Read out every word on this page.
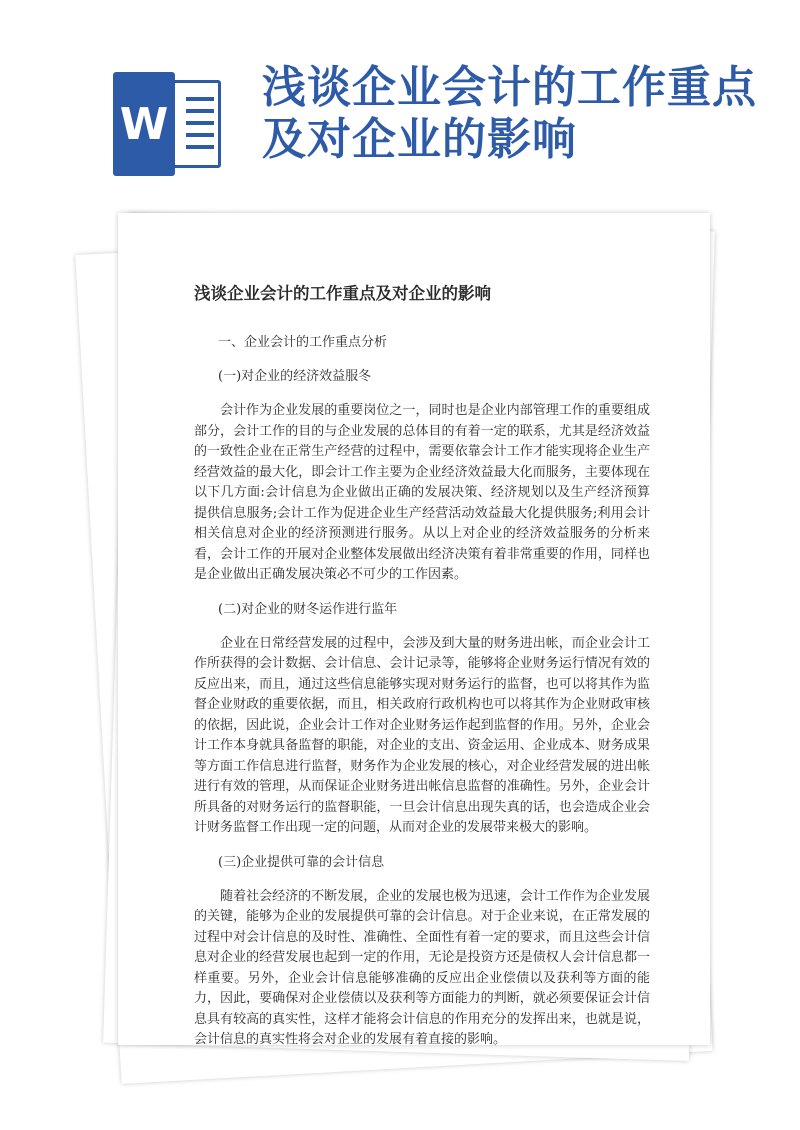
W
浅谈企业会计的工作重点及对企业的影响
浅谈企业会计的工作重点及对企业的影响
一、企业会计的工作重点分析
(一)对企业的经济效益服冬

会计作为企业发展的重要岗位之一，同时也是企业内部管理工作的重要组成部分，会计工作的目的与企业发展的总体目的有着一定的联系，尤其是经济效益的一致性企业在正常生产经营的过程中，需要依靠会计工作才能实现将企业生产经营效益的最大化，即会计工作主要为企业经济效益最大化而服务，主要体现在以下几方面:会计信息为企业做出正确的发展决策、经济规划以及生产经济预算提供信息服务;会计工作为促进企业生产经营活动效益最大化提供服务;利用会计相关信息对企业的经济预测进行服务。从以上对企业的经济效益服务的分析来看，会计工作的开展对企业整体发展做出经济决策有着非常重要的作用，同样也是企业做出正确发展决策必不可少的工作因素。

(二)对企业的财冬运作进行监年

企业在日常经营发展的过程中，会涉及到大量的财务进出帐，而企业会计工作所获得的会计数据、会计信息、会计记录等，能够将企业财务运行情况有效的反应出来，而且，通过这些信息能够实现对财务运行的监督，也可以将其作为监督企业财政的重要依据，而且，相关政府行政机构也可以将其作为企业财政审核的依据，因此说，企业会计工作对企业财务运作起到监督的作用。另外，企业会计工作本身就具备监督的职能，对企业的支出、资金运用、企业成本、财务成果等方面工作信息进行监督，财务作为企业发展的核心，对企业经营发展的进出帐进行有效的管理，从而保证企业财务进出帐信息监督的准确性。另外，企业会计所具备的对财务运行的监督职能，一旦会计信息出现失真的话，也会造成企业会计财务监督工作出现一定的问题，从而对企业的发展带来极大的影响。

(三)企业提供可靠的会计信息

随着社会经济的不断发展，企业的发展也极为迅速，会计工作作为企业发展的关键，能够为企业的发展提供可靠的会计信息。对于企业来说，在正常发展的过程中对会计信息的及时性、准确性、全面性有着一定的要求，而且这些会计信息对企业的经营发展也起到一定的作用，无论是投资方还是债权人会计信息都一样重要。另外，企业会计信息能够准确的反应出企业偿债以及获利等方面的能力，因此，要确保对企业偿债以及获利等方面能力的判断，就必须要保证会计信息具有较高的真实性，这样才能将会计信息的作用充分的发挥出来，也就是说，会计信息的真实性将会对企业的发展有着直接的影响。
